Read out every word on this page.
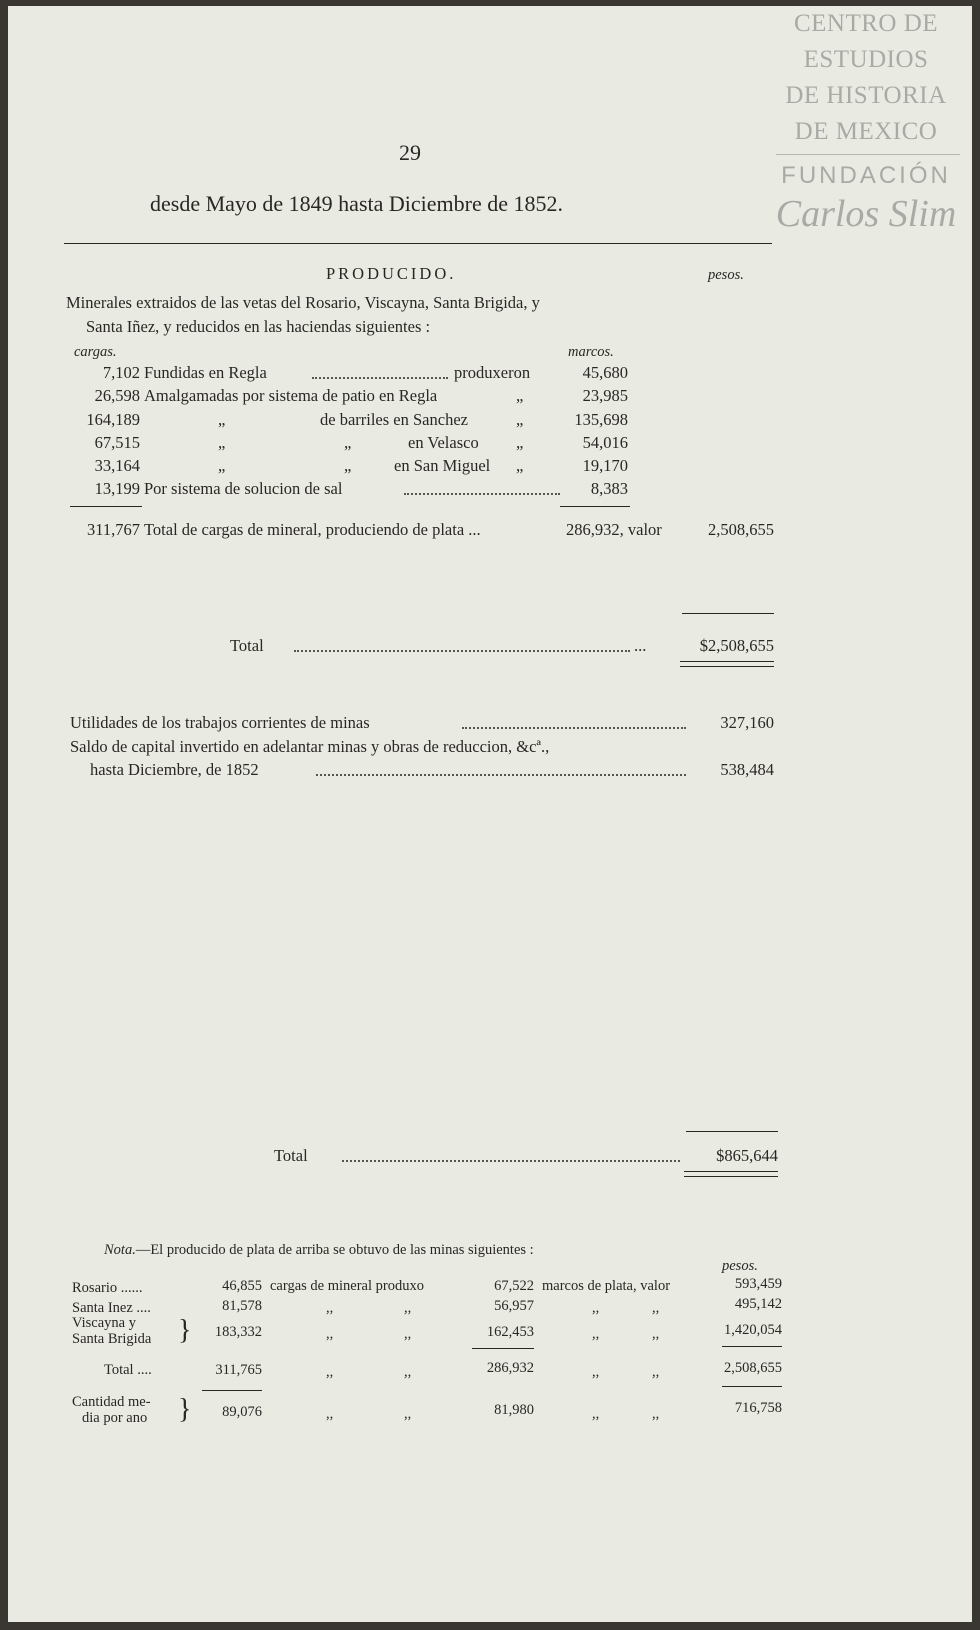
CENTRO DE
ESTUDIOS
DE HISTORIA
DE MEXICO
FUNDACIÓN
Carlos Slim
29
desde Mayo de 1849 hasta Diciembre de 1852.
PRODUCIDO.	pesos.
Minerales extraidos de las vetas del Rosario, Viscayna, Santa Brigida, y
Santa Iñez, y reducidos en las haciendas siguientes :
cargas.	marcos.
7,102 Fundidas en Regla	produxeron	45,680
26,598 Amalgamadas por sistema de patio en Regla	„	23,985
164,189	„	de barriles en Sanchez	„	135,698
67,515	„	„	en Velasco „	54,016
33,164	„	„	en San Miguel „	19,170
13,199 Por sistema de solucion de sal	8,383
311,767 Total de cargas de mineral, produciendo de plata ...	286,932, valor	2,508,655
Total	...	$2,508,655
Utilidades de los trabajos corrientes de minas	327,160
Saldo de capital invertido en adelantar minas y obras de reduccion, &cª.,
hasta Diciembre, de 1852	538,484
Total	$865,644
Nota.—El producido de plata de arriba se obtuvo de las minas siguientes :
pesos.
Rosario ......	46,855 cargas de mineral produxo	67,522 marcos de plata, valor	593,459
Santa Inez ....	81,578	,,	,,	56,957	,,	,,	495,142
Viscayna y
Santa Brigida }	183,332	,,	,,	162,453	,,	,,	1,420,054
Total ....	311,765	,,	,,	286,932	,,	,,	2,508,655
Cantidad me-
dia por ano }	89,076	,,	,,	81,980	,,	,,	716,758
